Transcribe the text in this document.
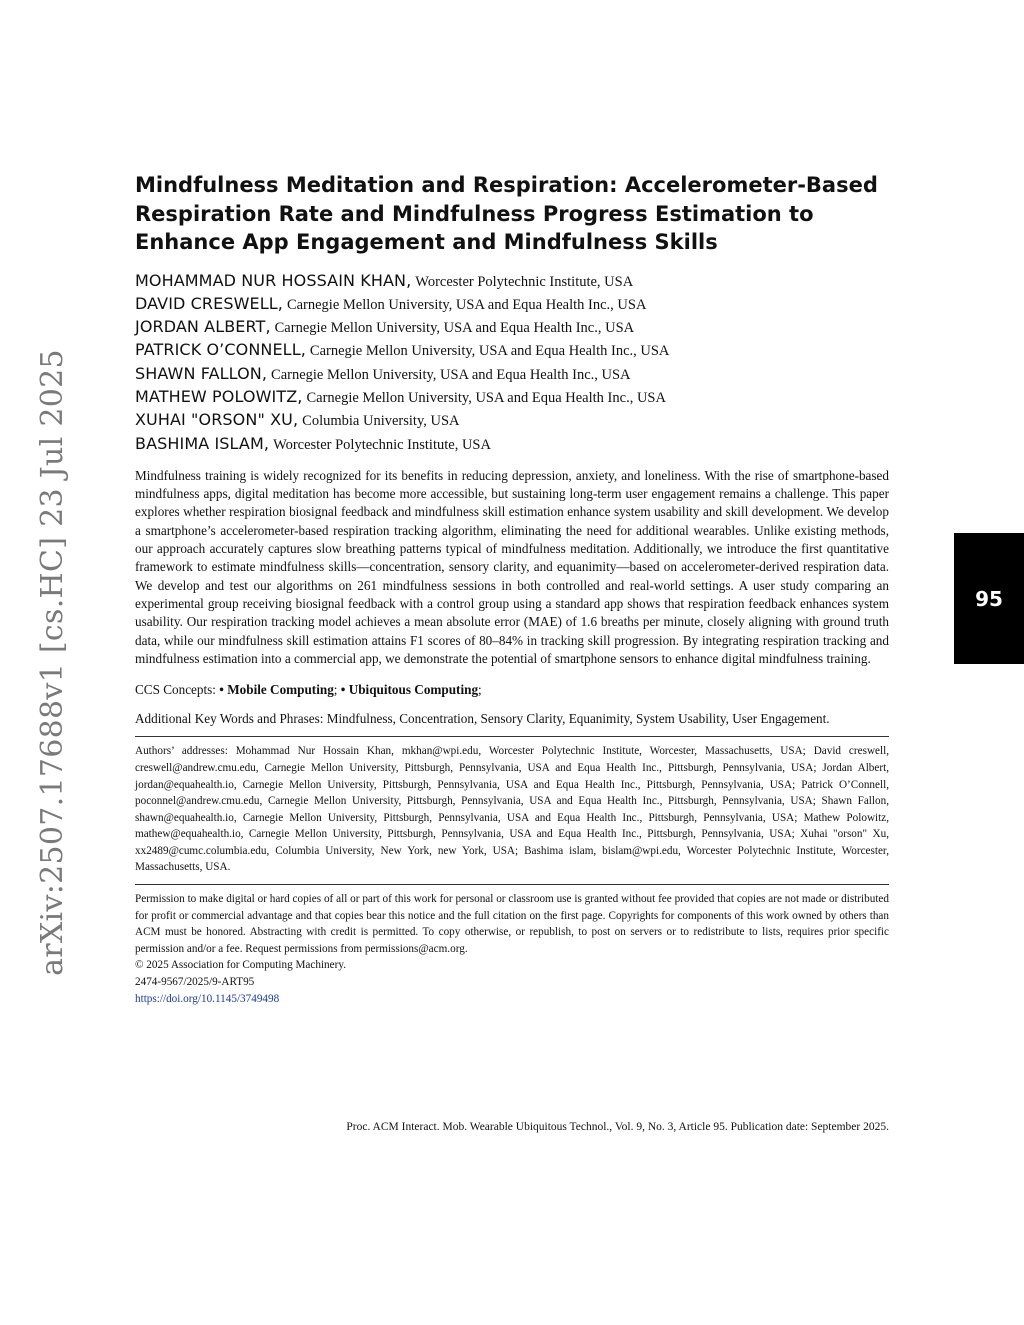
arXiv:2507.17688v1 [cs.HC] 23 Jul 2025	95
Mindfulness Meditation and Respiration: Accelerometer-Based Respiration Rate and Mindfulness Progress Estimation to Enhance App Engagement and Mindfulness Skills
MOHAMMAD NUR HOSSAIN KHAN, Worcester Polytechnic Institute, USA
DAVID CRESWELL, Carnegie Mellon University, USA and Equa Health Inc., USA
JORDAN ALBERT, Carnegie Mellon University, USA and Equa Health Inc., USA
PATRICK O’CONNELL, Carnegie Mellon University, USA and Equa Health Inc., USA
SHAWN FALLON, Carnegie Mellon University, USA and Equa Health Inc., USA
MATHEW POLOWITZ, Carnegie Mellon University, USA and Equa Health Inc., USA
XUHAI "ORSON" XU, Columbia University, USA
BASHIMA ISLAM, Worcester Polytechnic Institute, USA

Mindfulness training is widely recognized for its benefits in reducing depression, anxiety, and loneliness. With the rise of smartphone-based mindfulness apps, digital meditation has become more accessible, but sustaining long-term user engagement remains a challenge. This paper explores whether respiration biosignal feedback and mindfulness skill estimation enhance system usability and skill development. We develop a smartphone’s accelerometer-based respiration tracking algorithm, eliminating the need for additional wearables. Unlike existing methods, our approach accurately captures slow breathing patterns typical of mindfulness meditation. Additionally, we introduce the first quantitative framework to estimate mindfulness skills—concentration, sensory clarity, and equanimity—based on accelerometer-derived respiration data. We develop and test our algorithms on 261 mindfulness sessions in both controlled and real-world settings. A user study comparing an experimental group receiving biosignal feedback with a control group using a standard app shows that respiration feedback enhances system usability. Our respiration tracking model achieves a mean absolute error (MAE) of 1.6 breaths per minute, closely aligning with ground truth data, while our mindfulness skill estimation attains F1 scores of 80–84% in tracking skill progression. By integrating respiration tracking and mindfulness estimation into a commercial app, we demonstrate the potential of smartphone sensors to enhance digital mindfulness training.

CCS Concepts: • Mobile Computing; • Ubiquitous Computing;
Additional Key Words and Phrases: Mindfulness, Concentration, Sensory Clarity, Equanimity, System Usability, User Engagement.
Authors’ addresses: Mohammad Nur Hossain Khan, mkhan@wpi.edu, Worcester Polytechnic Institute, Worcester, Massachusetts, USA; David creswell, creswell@andrew.cmu.edu, Carnegie Mellon University, Pittsburgh, Pennsylvania, USA and Equa Health Inc., Pittsburgh, Pennsylvania, USA; Jordan Albert, jordan@equahealth.io, Carnegie Mellon University, Pittsburgh, Pennsylvania, USA and Equa Health Inc., Pittsburgh, Pennsylvania, USA; Patrick O’Connell, poconnel@andrew.cmu.edu, Carnegie Mellon University, Pittsburgh, Pennsylvania, USA and Equa Health Inc., Pittsburgh, Pennsylvania, USA; Shawn Fallon, shawn@equahealth.io, Carnegie Mellon University, Pittsburgh, Pennsylvania, USA and Equa Health Inc., Pittsburgh, Pennsylvania, USA; Mathew Polowitz, mathew@equahealth.io, Carnegie Mellon University, Pittsburgh, Pennsylvania, USA and Equa Health Inc., Pittsburgh, Pennsylvania, USA; Xuhai "orson" Xu, xx2489@cumc.columbia.edu, Columbia University, New York, new York, USA; Bashima islam, bislam@wpi.edu, Worcester Polytechnic Institute, Worcester, Massachusetts, USA.
Permission to make digital or hard copies of all or part of this work for personal or classroom use is granted without fee provided that copies are not made or distributed for profit or commercial advantage and that copies bear this notice and the full citation on the first page. Copyrights for components of this work owned by others than ACM must be honored. Abstracting with credit is permitted. To copy otherwise, or republish, to post on servers or to redistribute to lists, requires prior specific permission and/or a fee. Request permissions from permissions@acm.org.
© 2025 Association for Computing Machinery.
2474-9567/2025/9-ART95
https://doi.org/10.1145/3749498
Proc. ACM Interact. Mob. Wearable Ubiquitous Technol., Vol. 9, No. 3, Article 95. Publication date: September 2025.
